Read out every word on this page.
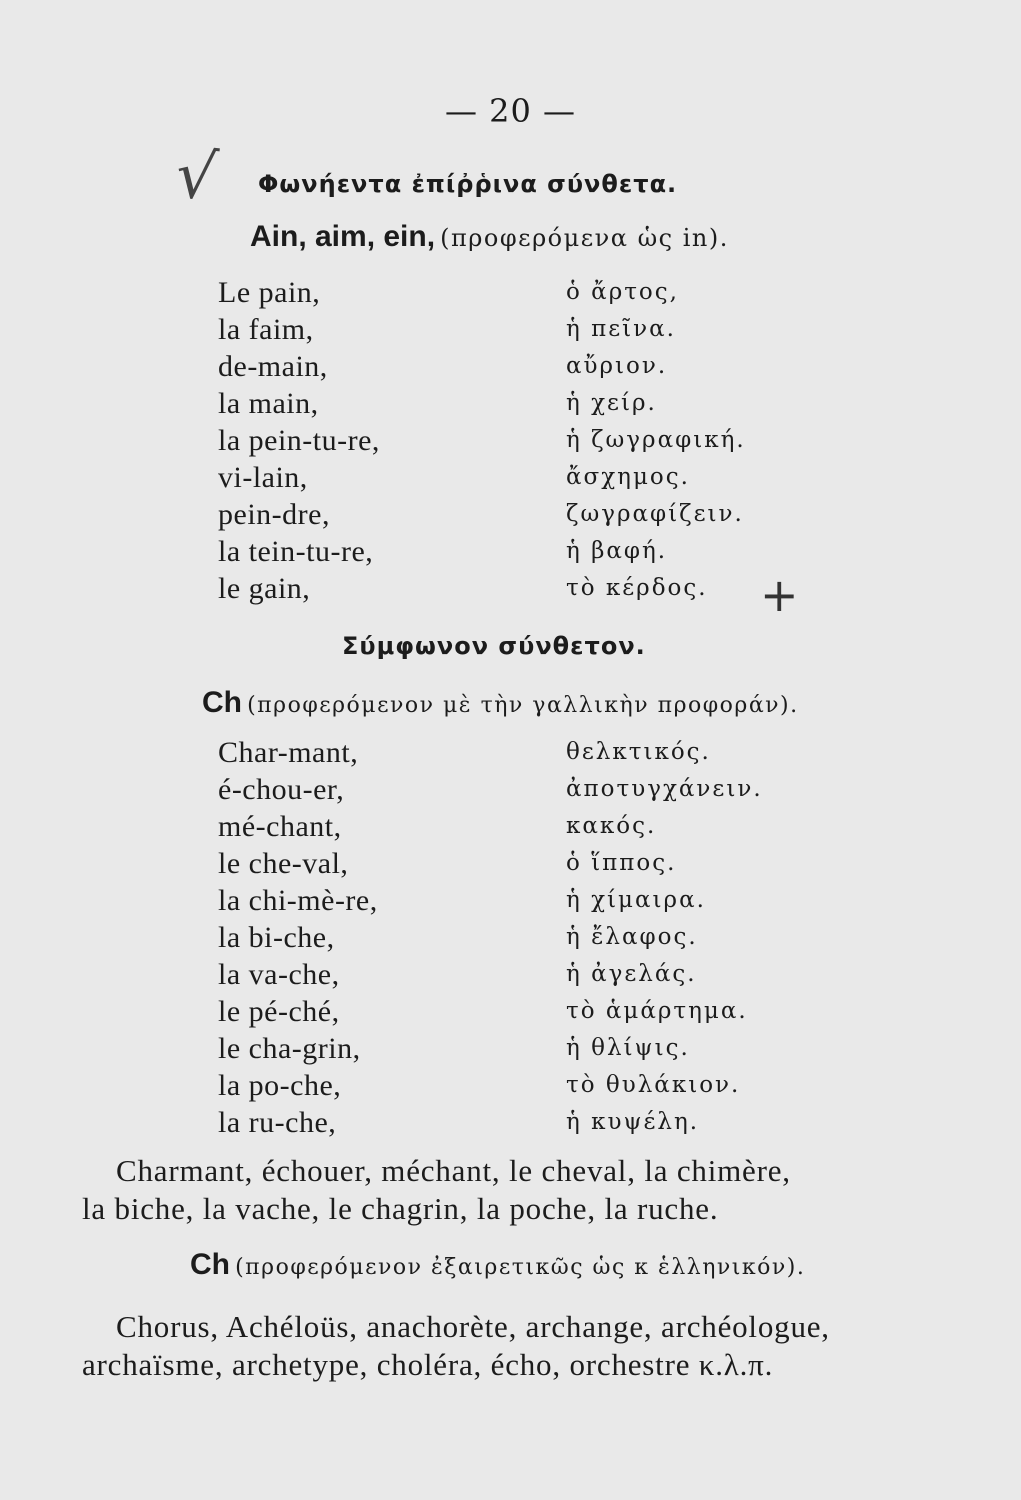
— 20 —
√ Φωνήεντα ἐπίῤῥινα σύνθετα.
Ain, aim, ein, (προφερόμενα ὡς in).
Le pain,	ὁ ἄρτος,
la faim,	ἡ πεῖνα.
de-main,	αὔριον.
la main,	ἡ χείρ.
la pein-tu-re,	ἡ ζωγραφική.
vi-lain,	ἄσχημος.
pein-dre,	ζωγραφίζειν.
la tein-tu-re,	ἡ βαφή.
le gain,	τὸ κέρδος. +
Σύμφωνον σύνθετον.
Ch (προφερόμενον μὲ τὴν γαλλικὴν προφοράν).
Char-mant,	θελκτικός.
é-chou-er,	ἀποτυγχάνειν.
mé-chant,	κακός.
le che-val,	ὁ ἵππος.
la chi-mè-re,	ἡ χίμαιρα.
la bi-che,	ἡ ἔλαφος.
la va-che,	ἡ ἀγελάς.
le pé-ché,	τὸ ἁμάρτημα.
le cha-grin,	ἡ θλίψις.
la po-che,	τὸ θυλάκιον.
la ru-che,	ἡ κυψέλη.
Charmant, échouer, méchant, le cheval, la chimère,
la biche, la vache, le chagrin, la poche, la ruche.
Ch (προφερόμενον ἐξαιρετικῶς ὡς κ ἑλληνικόν).
Chorus, Achéloüs, anachorète, archange, archéologue,
archaïsme, archetype, choléra, écho, orchestre κ.λ.π.
